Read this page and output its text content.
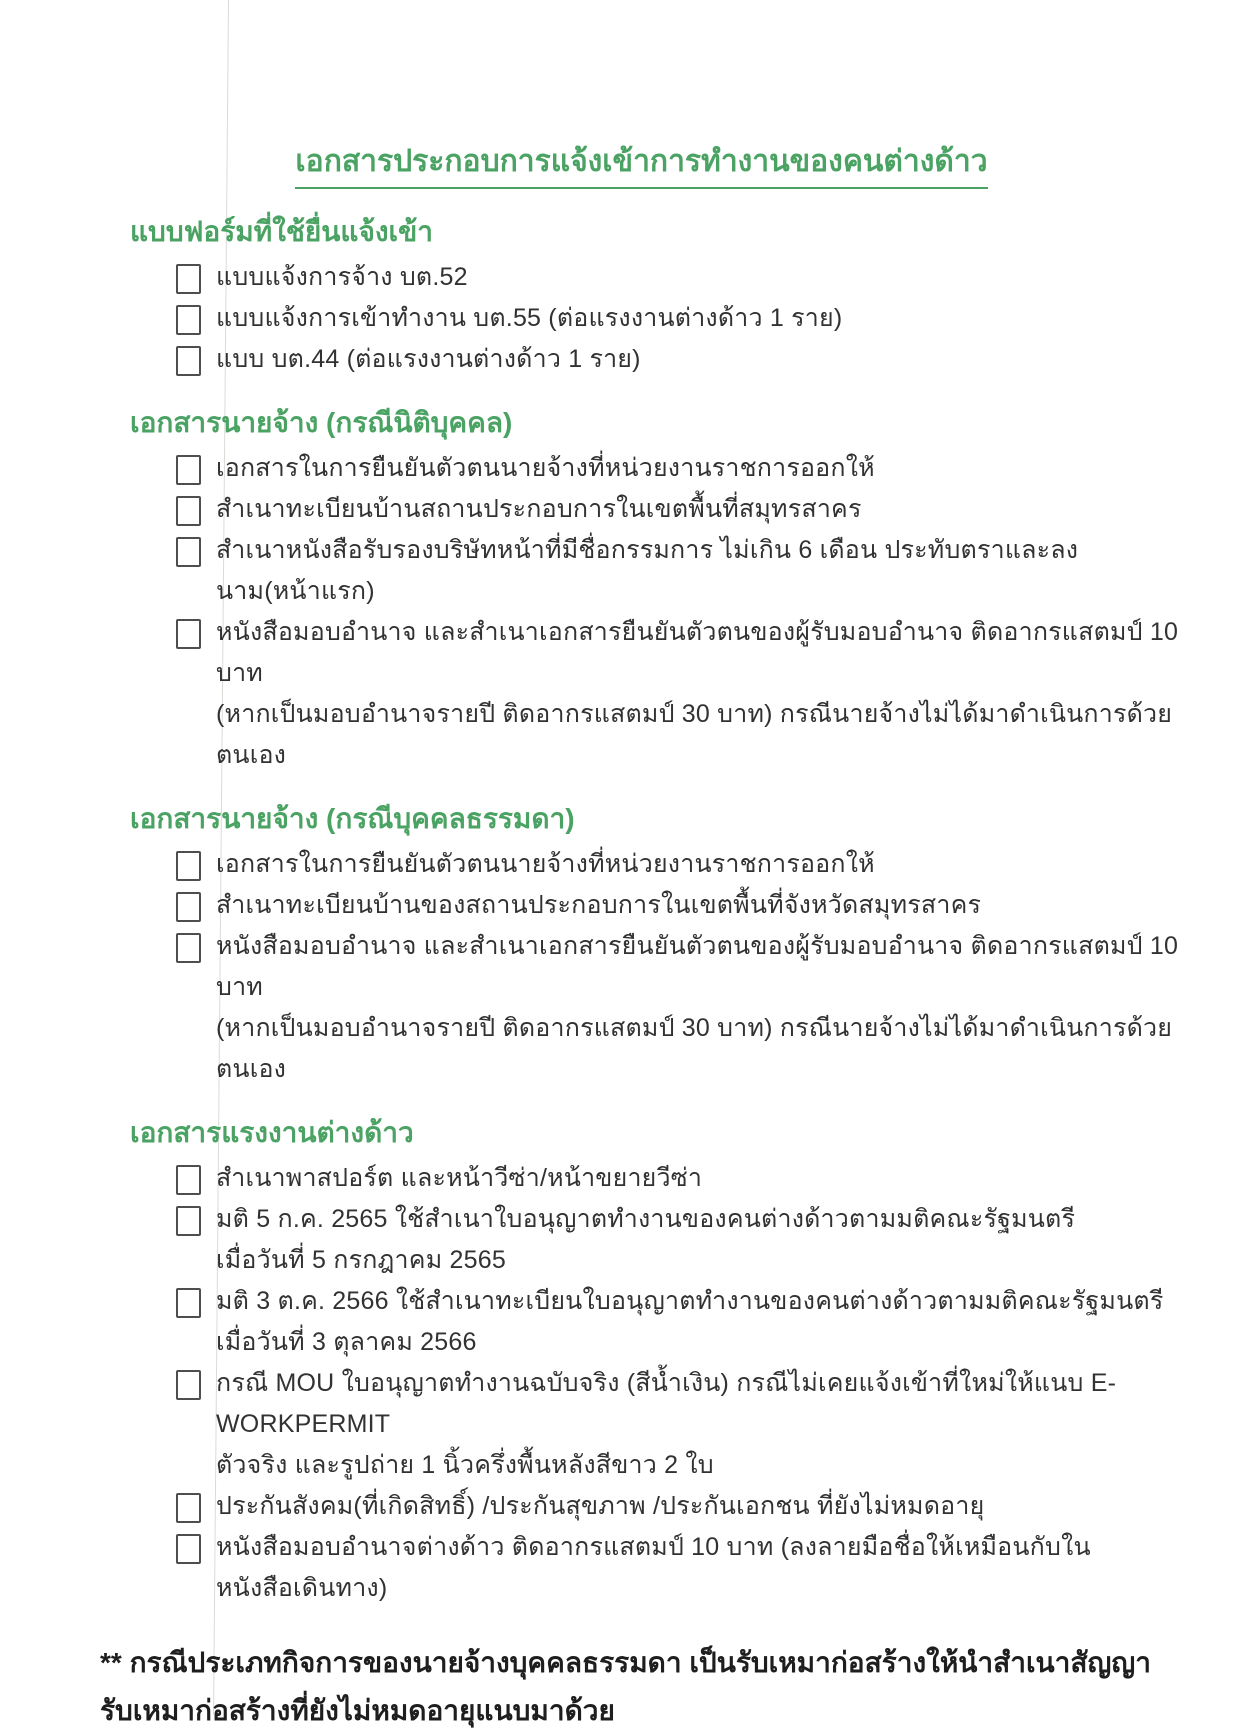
เอกสารประกอบการแจ้งเข้าการทำงานของคนต่างด้าว
แบบฟอร์มที่ใช้ยื่นแจ้งเข้า
แบบแจ้งการจ้าง บต.52
แบบแจ้งการเข้าทำงาน บต.55 (ต่อแรงงานต่างด้าว 1 ราย)
แบบ บต.44 (ต่อแรงงานต่างด้าว 1 ราย)
เอกสารนายจ้าง (กรณีนิติบุคคล)
เอกสารในการยืนยันตัวตนนายจ้างที่หน่วยงานราชการออกให้
สำเนาทะเบียนบ้านสถานประกอบการในเขตพื้นที่สมุทรสาคร
สำเนาหนังสือรับรองบริษัทหน้าที่มีชื่อกรรมการ ไม่เกิน 6 เดือน ประทับตราและลงนาม(หน้าแรก)
หนังสือมอบอำนาจ และสำเนาเอกสารยืนยันตัวตนของผู้รับมอบอำนาจ ติดอากรแสตมป์ 10 บาท
(หากเป็นมอบอำนาจรายปี ติดอากรแสตมป์ 30 บาท) กรณีนายจ้างไม่ได้มาดำเนินการด้วยตนเอง
เอกสารนายจ้าง (กรณีบุคคลธรรมดา)
เอกสารในการยืนยันตัวตนนายจ้างที่หน่วยงานราชการออกให้
สำเนาทะเบียนบ้านของสถานประกอบการในเขตพื้นที่จังหวัดสมุทรสาคร
หนังสือมอบอำนาจ และสำเนาเอกสารยืนยันตัวตนของผู้รับมอบอำนาจ ติดอากรแสตมป์ 10 บาท
(หากเป็นมอบอำนาจรายปี ติดอากรแสตมป์ 30 บาท) กรณีนายจ้างไม่ได้มาดำเนินการด้วยตนเอง
เอกสารแรงงานต่างด้าว
สำเนาพาสปอร์ต และหน้าวีซ่า/หน้าขยายวีซ่า
มติ 5 ก.ค. 2565 ใช้สำเนาใบอนุญาตทำงานของคนต่างด้าวตามมติคณะรัฐมนตรี
เมื่อวันที่ 5 กรกฎาคม 2565
มติ 3 ต.ค. 2566 ใช้สำเนาทะเบียนใบอนุญาตทำงานของคนต่างด้าวตามมติคณะรัฐมนตรี
เมื่อวันที่ 3 ตุลาคม 2566
กรณี MOU ใบอนุญาตทำงานฉบับจริง (สีน้ำเงิน) กรณีไม่เคยแจ้งเข้าที่ใหม่ให้แนบ E-WORKPERMIT
ตัวจริง และรูปถ่าย 1 นิ้วครึ่งพื้นหลังสีขาว 2 ใบ
ประกันสังคม(ที่เกิดสิทธิ์) /ประกันสุขภาพ /ประกันเอกชน ที่ยังไม่หมดอายุ
หนังสือมอบอำนาจต่างด้าว ติดอากรแสตมป์ 10 บาท (ลงลายมือชื่อให้เหมือนกับในหนังสือเดินทาง)
** กรณีประเภทกิจการของนายจ้างบุคคลธรรมดา เป็นรับเหมาก่อสร้างให้นำสำเนาสัญญา
รับเหมาก่อสร้างที่ยังไม่หมดอายุแนบมาด้วย
